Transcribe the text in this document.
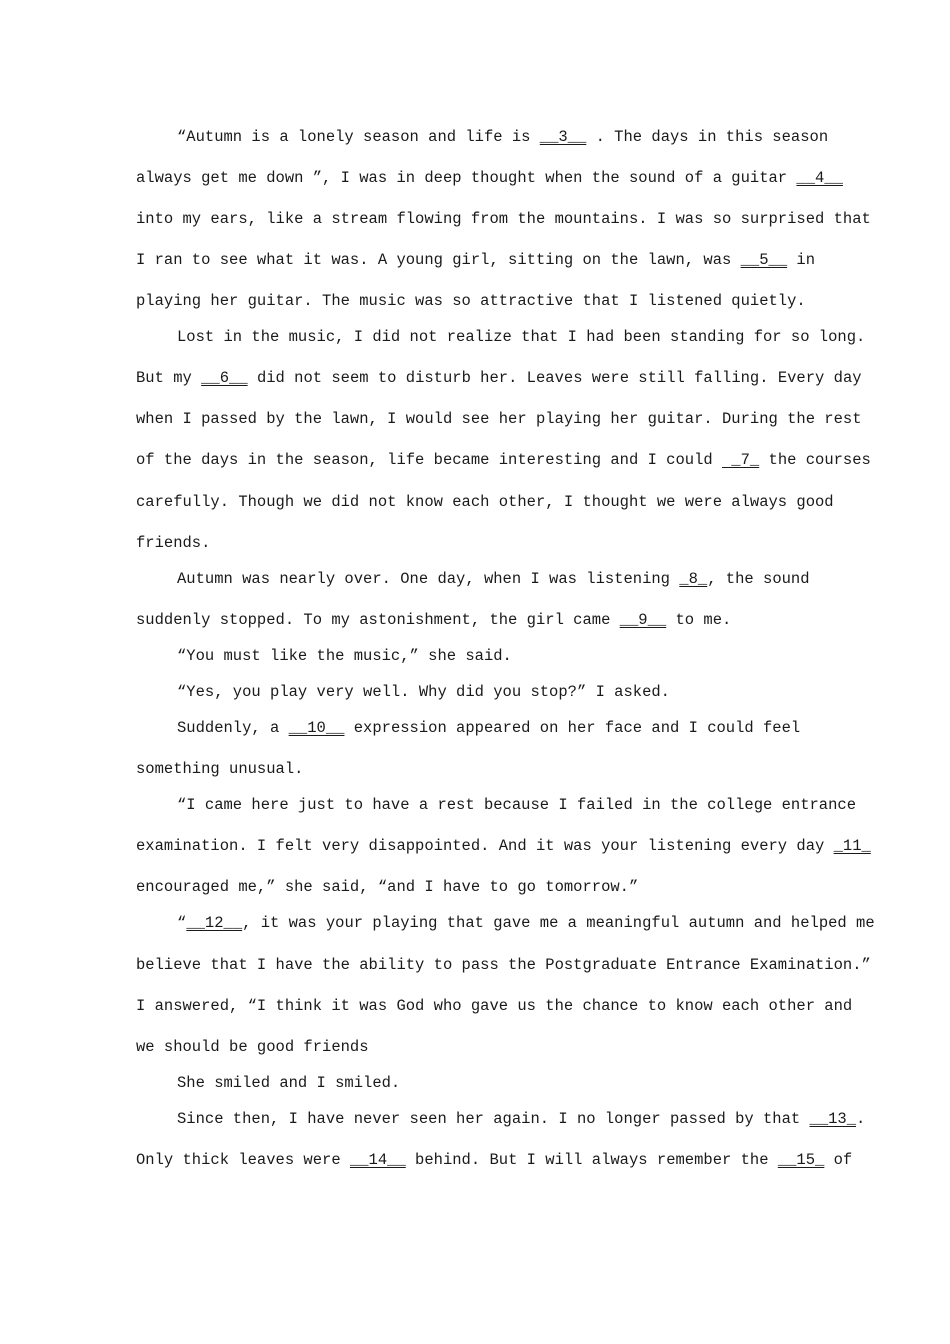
“Autumn is a lonely season and life is __3__ . The days in this season
always get me down ”, I was in deep thought when the sound of a guitar __4__
into my ears, like a stream flowing from the mountains. I was so surprised that
I ran to see what it was. A young girl, sitting on the lawn, was __5__ in
playing her guitar. The music was so attractive that I listened quietly.
Lost in the music, I did not realize that I had been standing for so long.
But my __6__ did not seem to disturb her. Leaves were still falling. Every day
when I passed by the lawn, I would see her playing her guitar. During the rest
of the days in the season, life became interesting and I could  _7_ the courses
carefully. Though we did not know each other, I thought we were always good
friends.
Autumn was nearly over. One day, when I was listening _8_, the sound
suddenly stopped. To my astonishment, the girl came __9__ to me.
“You must like the music,” she said.
“Yes, you play very well. Why did you stop?” I asked.
Suddenly, a __10__ expression appeared on her face and I could feel
something unusual.
“I came here just to have a rest because I failed in the college entrance
examination. I felt very disappointed. And it was your listening every day _11_
encouraged me,” she said, “and I have to go tomorrow.”
“__12__, it was your playing that gave me a meaningful autumn and helped me
believe that I have the ability to pass the Postgraduate Entrance Examination.”
I answered, “I think it was God who gave us the chance to know each other and
we should be good friends
She smiled and I smiled.
Since then, I have never seen her again. I no longer passed by that __13_.
Only thick leaves were __14__ behind. But I will always remember the __15_ of
